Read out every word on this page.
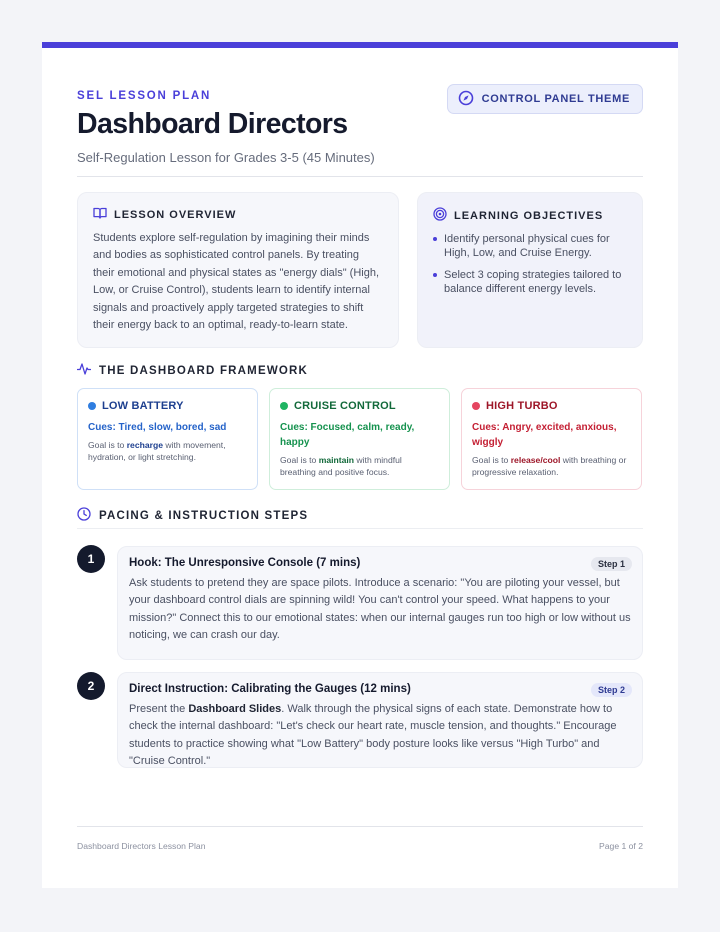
SEL LESSON PLAN
Dashboard Directors
Self-Regulation Lesson for Grades 3-5 (45 Minutes)
CONTROL PANEL THEME
LESSON OVERVIEW

Students explore self-regulation by imagining their minds and bodies as sophisticated control panels. By treating their emotional and physical states as "energy dials" (High, Low, or Cruise Control), students learn to identify internal signals and proactively apply targeted strategies to shift their energy back to an optimal, ready-to-learn state.

LEARNING OBJECTIVES
Identify personal physical cues for High, Low, and Cruise Energy.
Select 3 coping strategies tailored to balance different energy levels.
THE DASHBOARD FRAMEWORK
LOW BATTERY
Cues: Tired, slow, bored, sad
Goal is to recharge with movement, hydration, or light stretching.
CRUISE CONTROL
Cues: Focused, calm, ready, happy
Goal is to maintain with mindful breathing and positive focus.
HIGH TURBO
Cues: Angry, excited, anxious, wiggly
Goal is to release/cool with breathing or progressive relaxation.
PACING & INSTRUCTION STEPS
1	Hook: The Unresponsive Console (7 mins)	Step 1

Ask students to pretend they are space pilots. Introduce a scenario: "You are piloting your vessel, but your dashboard control dials are spinning wild! You can't control your speed. What happens to your mission?" Connect this to our emotional states: when our internal gauges run too high or low without us noticing, we can crash our day.

2	Direct Instruction: Calibrating the Gauges (12 mins)	Step 2

Present the Dashboard Slides. Walk through the physical signs of each state. Demonstrate how to check the internal dashboard: "Let's check our heart rate, muscle tension, and thoughts." Encourage students to practice showing what "Low Battery" body posture looks like versus "High Turbo" and "Cruise Control."

Dashboard Directors Lesson Plan	Page 1 of 2
